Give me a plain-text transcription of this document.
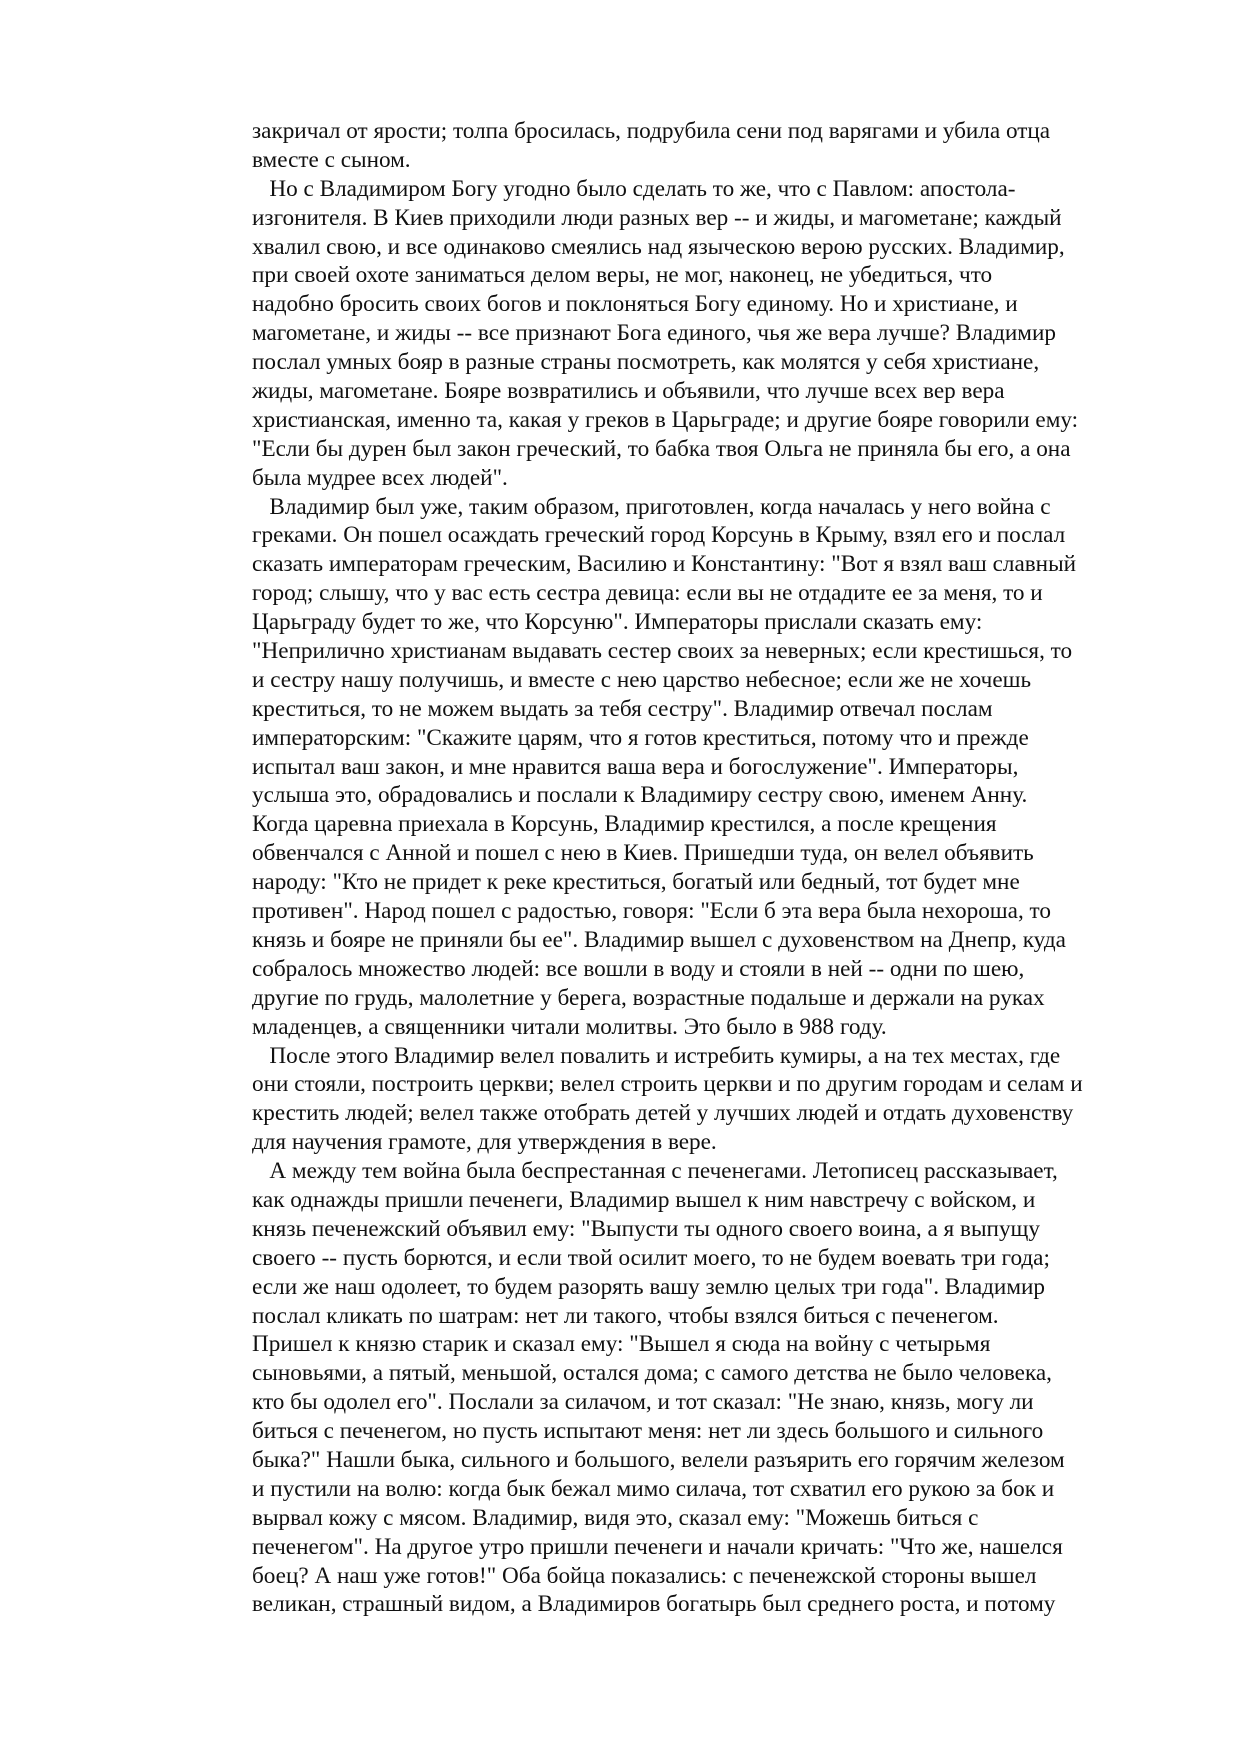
закричал от ярости; толпа бросилась, подрубила сени под варягами и убила отца
вместе с сыном.
Но с Владимиром Богу угодно было сделать то же, что с Павлом: апостола-
изгонителя. В Киев приходили люди разных вер -- и жиды, и магометане; каждый
хвалил свою, и все одинаково смеялись над языческою верою русских. Владимир,
при своей охоте заниматься делом веры, не мог, наконец, не убедиться, что
надобно бросить своих богов и поклоняться Богу единому. Но и христиане, и
магометане, и жиды -- все признают Бога единого, чья же вера лучше? Владимир
послал умных бояр в разные страны посмотреть, как молятся у себя христиане,
жиды, магометане. Бояре возвратились и объявили, что лучше всех вер вера
христианская, именно та, какая у греков в Царьграде; и другие бояре говорили ему:
"Если бы дурен был закон греческий, то бабка твоя Ольга не приняла бы его, а она
была мудрее всех людей".
Владимир был уже, таким образом, приготовлен, когда началась у него война с
греками. Он пошел осаждать греческий город Корсунь в Крыму, взял его и послал
сказать императорам греческим, Василию и Константину: "Вот я взял ваш славный
город; слышу, что у вас есть сестра девица: если вы не отдадите ее за меня, то и
Царьграду будет то же, что Корсуню". Императоры прислали сказать ему:
"Неприлично христианам выдавать сестер своих за неверных; если крестишься, то
и сестру нашу получишь, и вместе с нею царство небесное; если же не хочешь
креститься, то не можем выдать за тебя сестру". Владимир отвечал послам
императорским: "Скажите царям, что я готов креститься, потому что и прежде
испытал ваш закон, и мне нравится ваша вера и богослужение". Императоры,
услыша это, обрадовались и послали к Владимиру сестру свою, именем Анну.
Когда царевна приехала в Корсунь, Владимир крестился, а после крещения
обвенчался с Анной и пошел с нею в Киев. Пришедши туда, он велел объявить
народу: "Кто не придет к реке креститься, богатый или бедный, тот будет мне
противен". Народ пошел с радостью, говоря: "Если б эта вера была нехороша, то
князь и бояре не приняли бы ее". Владимир вышел с духовенством на Днепр, куда
собралось множество людей: все вошли в воду и стояли в ней -- одни по шею,
другие по грудь, малолетние у берега, возрастные подальше и держали на руках
младенцев, а священники читали молитвы. Это было в 988 году.
После этого Владимир велел повалить и истребить кумиры, а на тех местах, где
они стояли, построить церкви; велел строить церкви и по другим городам и селам и
крестить людей; велел также отобрать детей у лучших людей и отдать духовенству
для научения грамоте, для утверждения в вере.
А между тем война была беспрестанная с печенегами. Летописец рассказывает,
как однажды пришли печенеги, Владимир вышел к ним навстречу с войском, и
князь печенежский объявил ему: "Выпусти ты одного своего воина, а я выпущу
своего -- пусть борются, и если твой осилит моего, то не будем воевать три года;
если же наш одолеет, то будем разорять вашу землю целых три года". Владимир
послал кликать по шатрам: нет ли такого, чтобы взялся биться с печенегом.
Пришел к князю старик и сказал ему: "Вышел я сюда на войну с четырьмя
сыновьями, а пятый, меньшой, остался дома; с самого детства не было человека,
кто бы одолел его". Послали за силачом, и тот сказал: "Не знаю, князь, могу ли
биться с печенегом, но пусть испытают меня: нет ли здесь большого и сильного
быка?" Нашли быка, сильного и большого, велели разъярить его горячим железом
и пустили на волю: когда бык бежал мимо силача, тот схватил его рукою за бок и
вырвал кожу с мясом. Владимир, видя это, сказал ему: "Можешь биться с
печенегом". На другое утро пришли печенеги и начали кричать: "Что же, нашелся
боец? А наш уже готов!" Оба бойца показались: с печенежской стороны вышел
великан, страшный видом, а Владимиров богатырь был среднего роста, и потому
